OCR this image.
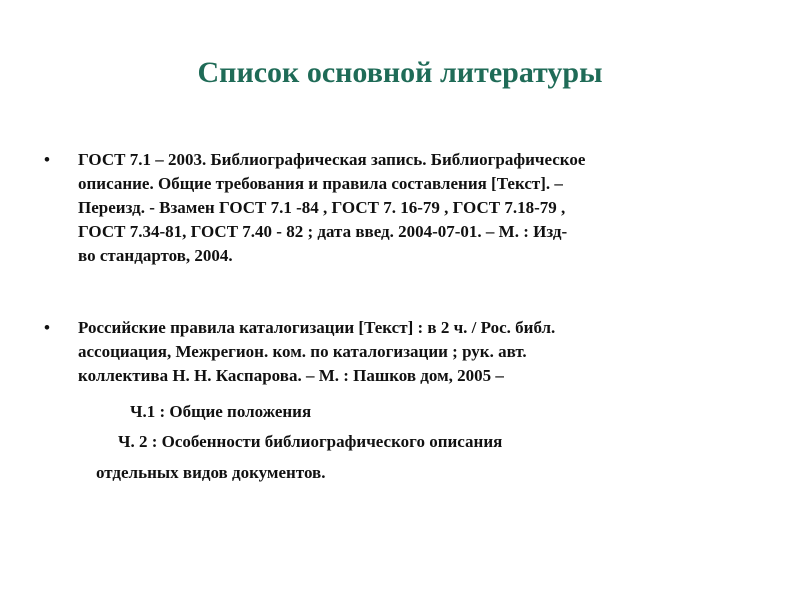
Список основной литературы
•	ГОСТ 7.1 – 2003. Библиографическая запись. Библиографическое
описание. Общие требования и правила составления [Текст]. –
Переизд. - Взамен ГОСТ 7.1 -84 , ГОСТ 7. 16-79 , ГОСТ 7.18-79 ,
ГОСТ 7.34-81, ГОСТ 7.40 - 82 ; дата введ. 2004-07-01. – М. : Изд-
во стандартов, 2004.
•	Российские правила каталогизации [Текст] : в 2 ч. / Рос. библ.
ассоциация, Межрегион. ком. по каталогизации ; рук. авт.
коллектива Н. Н. Каспарова. – М. : Пашков дом, 2005 –
Ч.1 : Общие положения
Ч. 2 : Особенности библиографического описания
отдельных видов документов.
